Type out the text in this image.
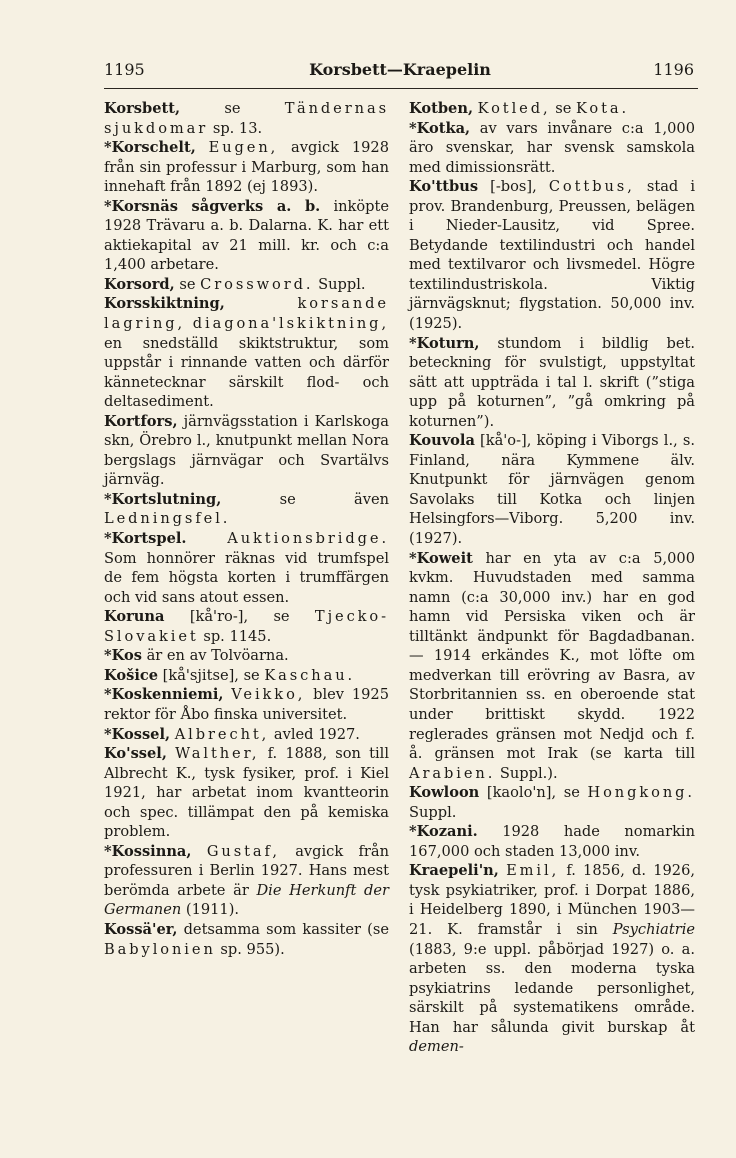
1195	Korsbett—Kraepelin	1196
Korsbett, se Tändernas sjukdomar sp. 13.
*Korschelt, Eugen, avgick 1928 från sin professur i Marburg, som han innehaft från 1892 (ej 1893).
*Korsnäs sågverks a. b. inköpte 1928 Trävaru a. b. Dalarna. K. har ett aktiekapital av 21 mill. kr. och c:a 1,400 arbetare.
Korsord, se Crossword. Suppl.
Korsskiktning,	korsande lagring, diagona'lskiktning, en snedställd skiktstruktur, som uppstår i rinnande vatten och därför kännetecknar särskilt flod- och deltasediment.
Kortfors, järnvägsstation i Karlskoga skn, Örebro l., knutpunkt mellan Nora bergslags järnvägar och Svartälvs järnväg.
*Kortslutning, se även Ledningsfel.
*Kortspel.	Auktionsbridge. Som honnörer räknas vid trumfspel de fem högsta korten i trumffärgen och vid sans atout essen.
Koruna [kå'ro-], se Tjecko-Slovakiet sp. 1145.
*Kos är en av Tolvöarna.
Košice [kå'sjitse], se Kaschau.
*Koskenniemi, Veikko, blev 1925 rektor för Åbo finska universitet.
*Kossel, Albrecht, avled 1927.
Ko'ssel, Walther, f. 1888, son till Albrecht K., tysk fysiker, prof. i Kiel 1921, har arbetat inom kvantteorin och spec. tillämpat den på kemiska problem.
*Kossinna, Gustaf, avgick från professuren i Berlin 1927. Hans mest berömda arbete är Die Herkunft der Germanen (1911).
Kossä'er, detsamma som kassiter (se Babylonien sp. 955).
Kotben, Kotled, se Kota.
*Kotka, av vars invånare c:a 1,000 äro svenskar, har svensk samskola med dimissionsrätt.
Ko'ttbus [-bos], Cottbus, stad i prov. Brandenburg, Preussen, belägen i Nieder-Lausitz, vid Spree. Betydande textilindustri och handel med textilvaror och livsmedel. Högre textilindustriskola. Viktig järnvägsknut; flygstation. 50,000 inv. (1925).
*Koturn, stundom i bildlig bet. beteckning för svulstigt, uppstyltat sätt att uppträda i tal l. skrift (”stiga upp på koturnen”, ”gå omkring på koturnen”).
Kouvola [kå'o-], köping i Viborgs l., s. Finland, nära Kymmene älv. Knutpunkt för järnvägen genom Savolaks till Kotka och linjen Helsingfors—Viborg. 5,200 inv. (1927).
*Koweit har en yta av c:a 5,000 kvkm. Huvudstaden med samma namn (c:a 30,000 inv.) har en god hamn vid Persiska viken och är tilltänkt ändpunkt för Bagdadbanan. — 1914 erkändes K., mot löfte om medverkan till erövring av Basra, av Storbritannien ss. en oberoende stat under brittiskt skydd. 1922 reglerades gränsen mot Nedjd och f. å. gränsen mot Irak (se karta till Arabien. Suppl.).
Kowloon [kaolo'n], se Hongkong. Suppl.
*Kozani. 1928 hade nomarkin 167,000 och staden 13,000 inv.
Kraepeli'n, Emil, f. 1856, d. 1926, tysk psykiatriker, prof. i Dorpat 1886, i Heidelberg 1890, i München 1903—21. K. framstår i sin Psychiatrie (1883, 9:e uppl. påbörjad 1927) o. a. arbeten ss. den moderna tyska psykiatrins ledande personlighet, särskilt på systematikens område. Han har sålunda givit burskap åt demen-
